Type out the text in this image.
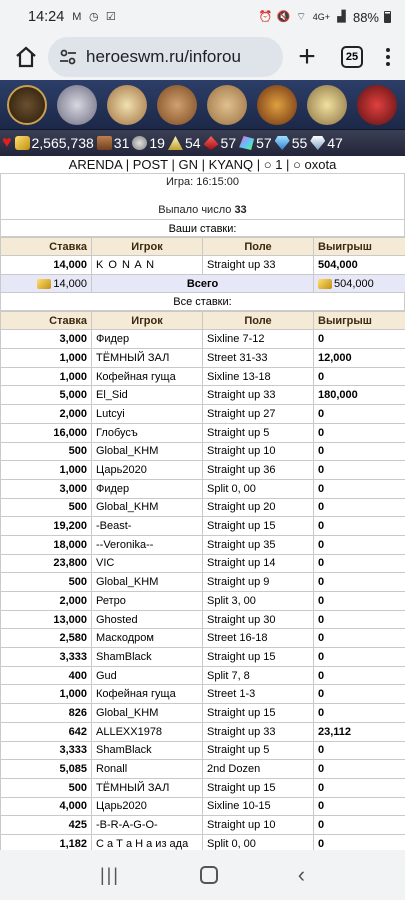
14:24 M ◷ ☑	⏰ 🔇 ⌔ 4G+ ▟ 88%
heroeswm.ru/inforou +	25
♥ 2,565,738 31 19 54 57 57 55 47
ARENDA | POST | GN | KYANQ | ○ 1 | ○ oxota
Игра: 16:15:00
Выпало число 33
Ваши ставки:
Ставка	Игрок	Поле	Выигрыш
14,000	K O N A N	Straight up 33	504,000
14,000	Всего		504,000
Все ставки:
Ставка	Игрок	Поле	Выигрыш
3,000	Фидер	Sixline 7-12	0
1,000	ТЁМНЫЙ ЗАЛ	Street 31-33	12,000
1,000	Кофейная гуща	Sixline 13-18	0
5,000	El_Sid	Straight up 33	180,000
2,000	Lutcyi	Straight up 27	0
16,000	Глобусъ	Straight up 5	0
500	Global_KHM	Straight up 10	0
1,000	Царь2020	Straight up 36	0
3,000	Фидер	Split 0, 00	0
500	Global_KHM	Straight up 20	0
19,200	-Beast-	Straight up 15	0
18,000	--Veronika--	Straight up 35	0
23,800	VIC	Straight up 14	0
500	Global_KHM	Straight up 9	0
2,000	Ретро	Split 3, 00	0
13,000	Ghosted	Straight up 30	0
2,580	Маскодром	Street 16-18	0
3,333	ShamBlack	Straight up 15	0
400	Gud	Split 7, 8	0
1,000	Кофейная гуща	Street 1-3	0
826	Global_KHM	Straight up 15	0
642	ALLEXX1978	Straight up 33	23,112
3,333	ShamBlack	Straight up 5	0
5,085	Ronall	2nd Dozen	0
500	ТЁМНЫЙ ЗАЛ	Straight up 15	0
4,000	Царь2020	Sixline 10-15	0
425	-B-R-A-G-O-	Straight up 10	0
1,182	С а Т а Н а из ада	Split 0, 00	0
|||	‹
